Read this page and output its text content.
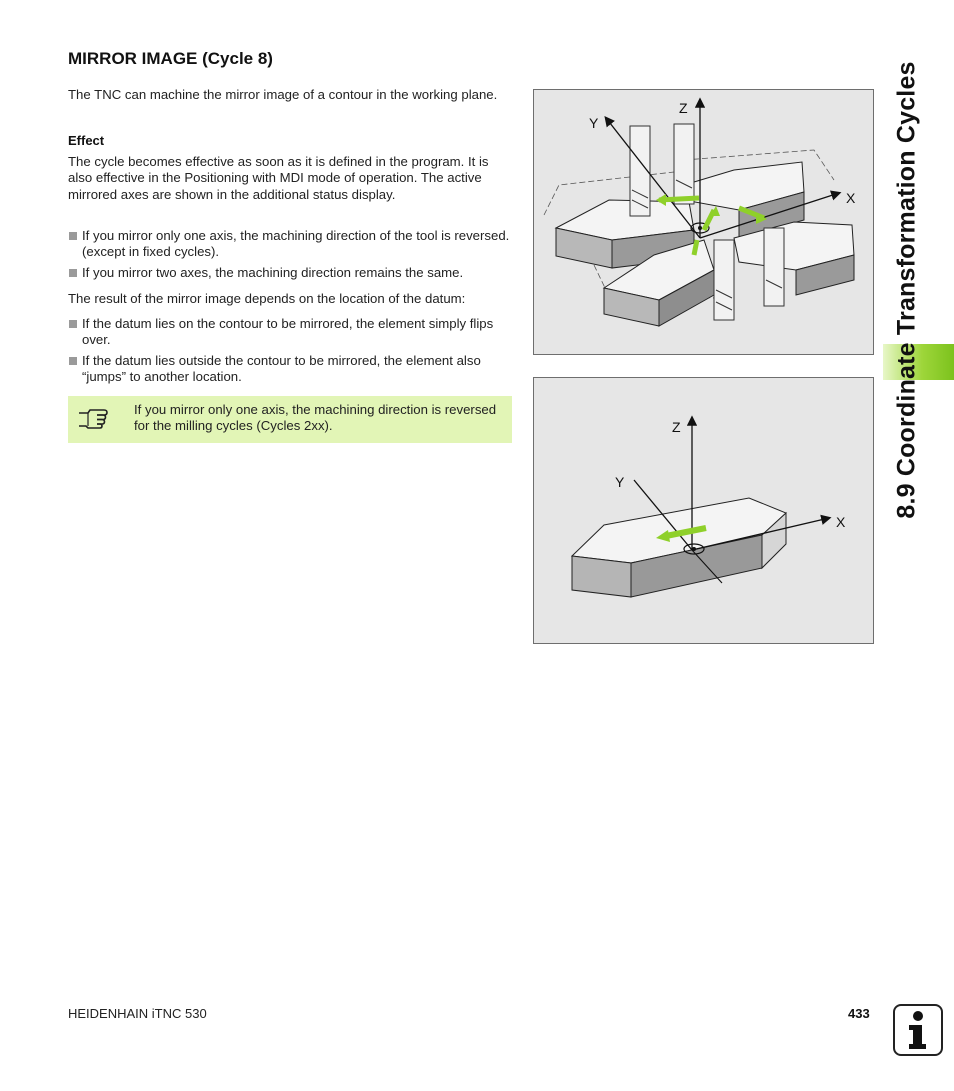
MIRROR IMAGE (Cycle 8)
The TNC can machine the mirror image of a contour in the working plane.
Effect
The cycle becomes effective as soon as it is defined in the program. It is also effective in the Positioning with MDI mode of operation. The active mirrored axes are shown in the additional status display.
If you mirror only one axis, the machining direction of the tool is reversed. (except in fixed cycles).
If you mirror two axes, the machining direction remains the same.
The result of the mirror image depends on the location of the datum:
If the datum lies on the contour to be mirrored, the element simply flips over.
If the datum lies outside the contour to be mirrored, the element also “jumps” to another location.
If you mirror only one axis, the machining direction is reversed for the milling cycles (Cycles 2xx).
Z
Y
X
Z
Y
X
8.9 Coordinate Transformation Cycles
HEIDENHAIN iTNC 530	433
